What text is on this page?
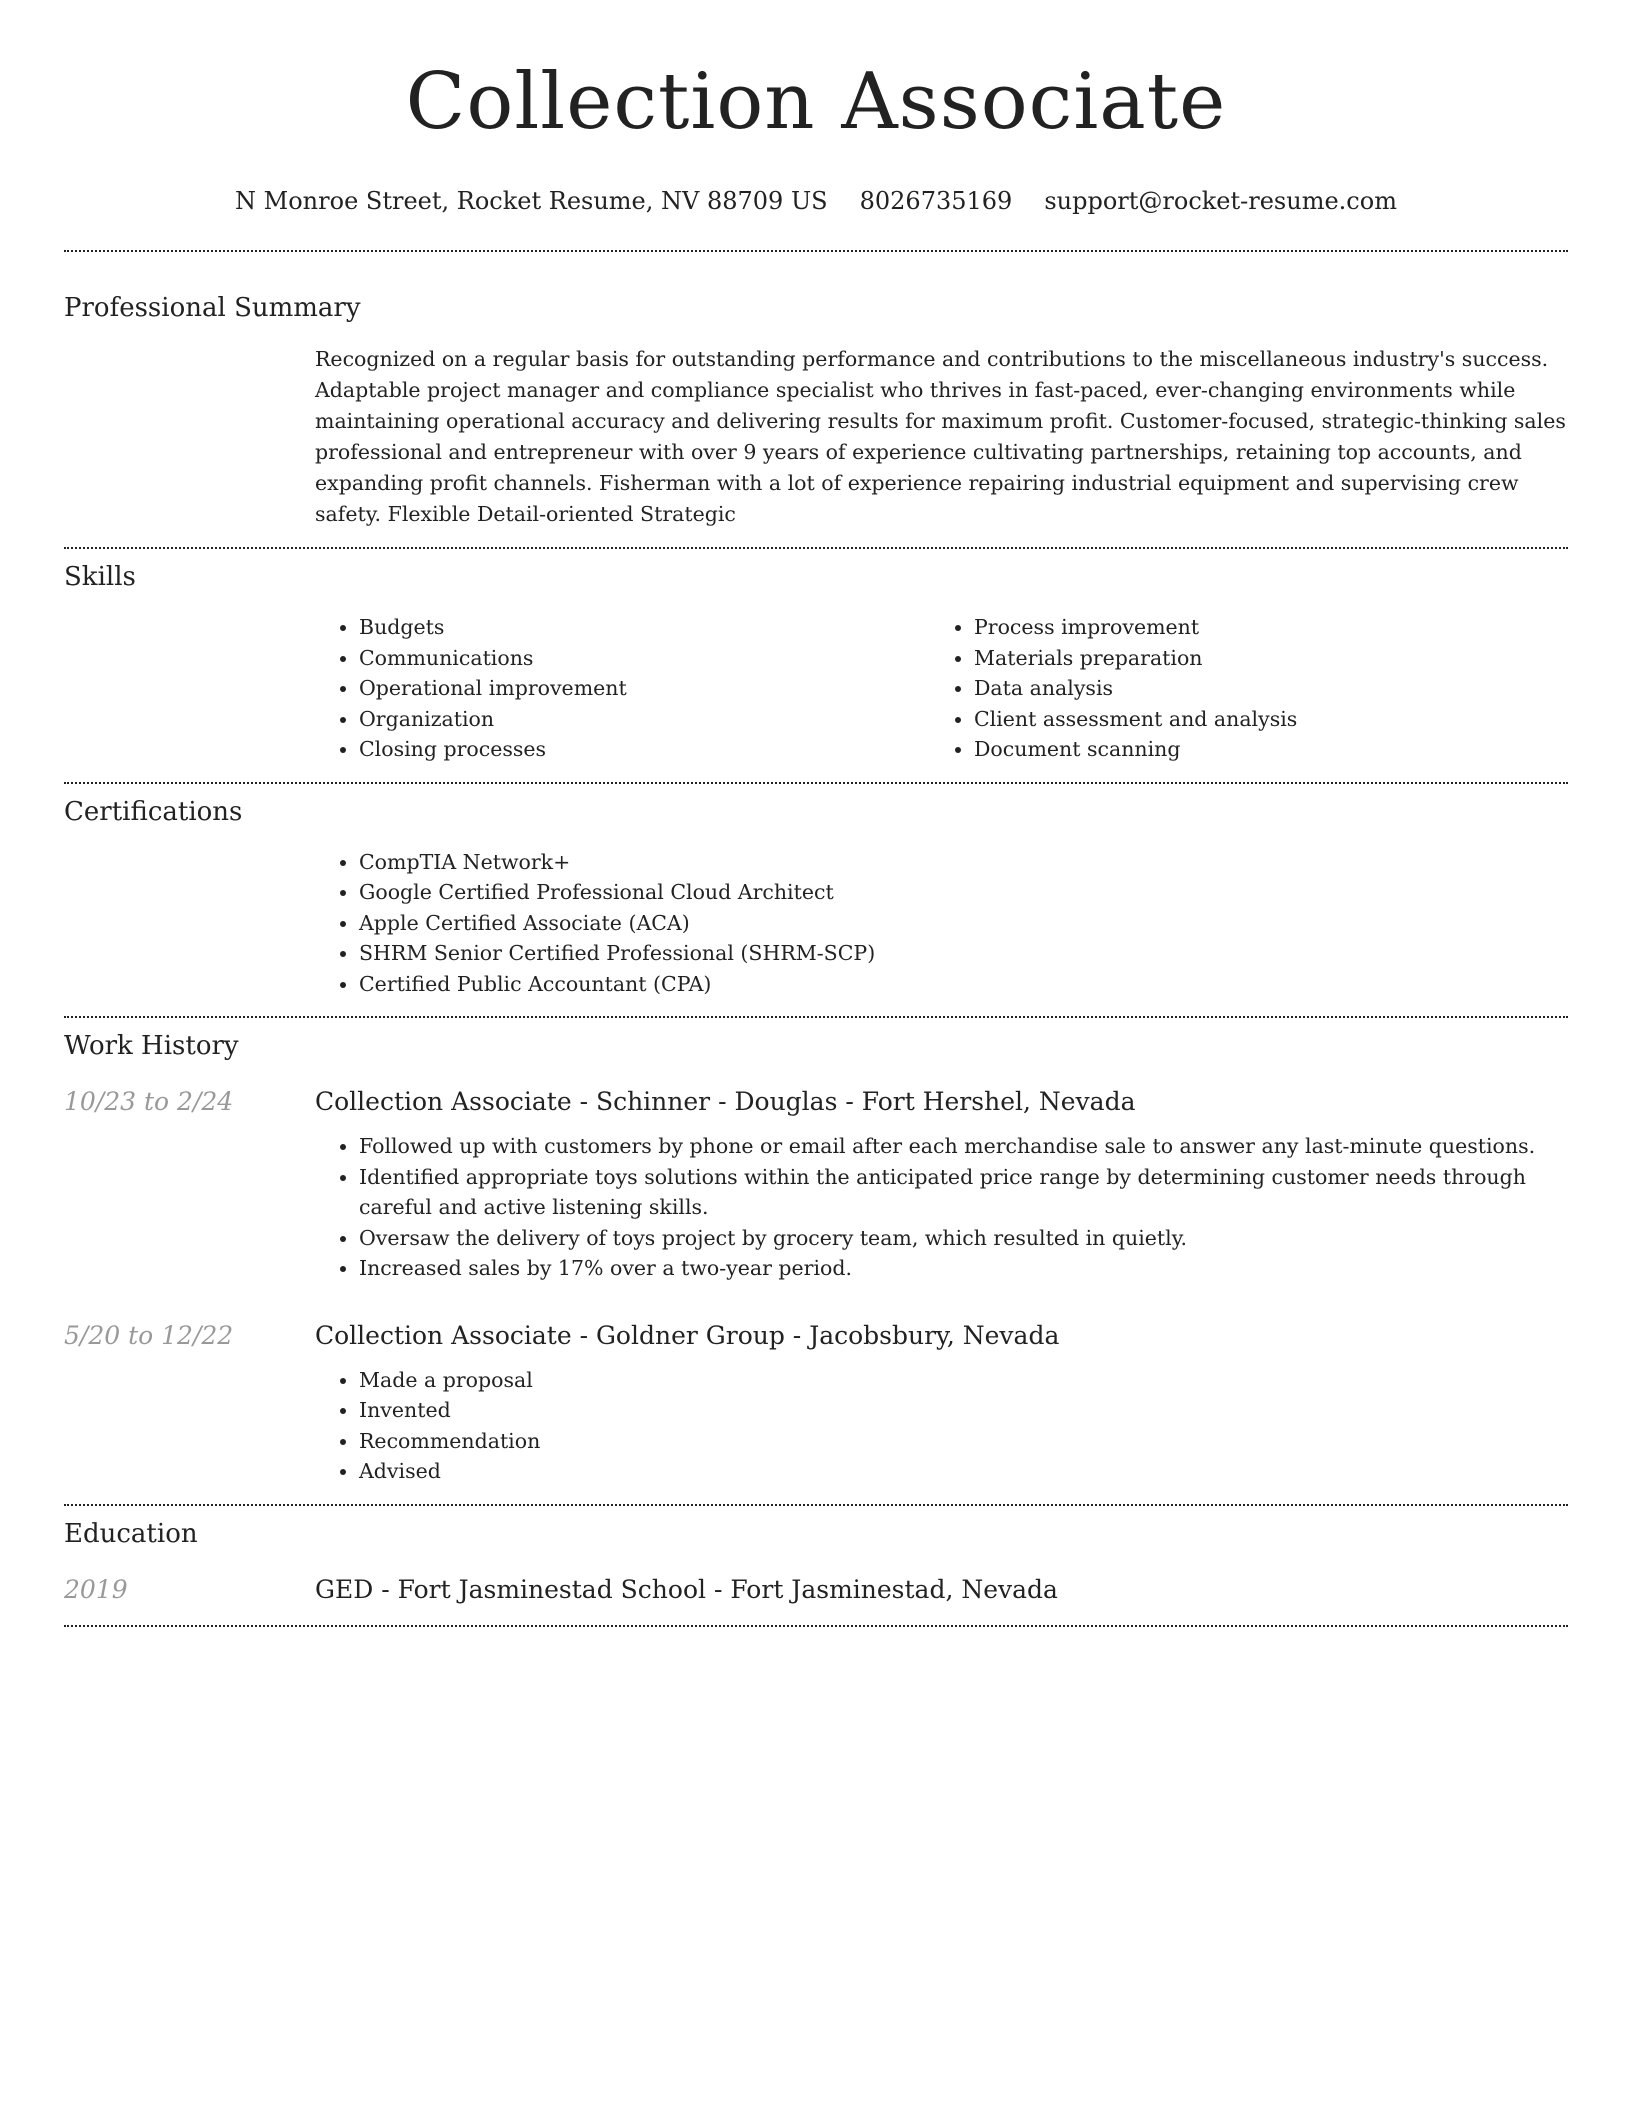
Collection Associate
N Monroe Street, Rocket Resume, NV 88709 US 8026735169 support@rocket-resume.com
Professional Summary

Recognized on a regular basis for outstanding performance and contributions to the miscellaneous industry's success. Adaptable project manager and compliance specialist who thrives in fast-paced, ever-changing environments while maintaining operational accuracy and delivering results for maximum profit. Customer-focused, strategic-thinking sales professional and entrepreneur with over 9 years of experience cultivating partnerships, retaining top accounts, and expanding profit channels. Fisherman with a lot of experience repairing industrial equipment and supervising crew safety. Flexible Detail-oriented Strategic

Skills
• Budgets
• Communications
• Operational improvement
• Organization
• Closing processes
• Process improvement
• Materials preparation
• Data analysis
• Client assessment and analysis
• Document scanning
Certifications
• CompTIA Network+
• Google Certified Professional Cloud Architect
• Apple Certified Associate (ACA)
• SHRM Senior Certified Professional (SHRM-SCP)
• Certified Public Accountant (CPA)
Work History
10/23 to 2/24	Collection Associate - Schinner - Douglas - Fort Hershel, Nevada
• Followed up with customers by phone or email after each merchandise sale to answer any last-minute questions.
• Identified appropriate toys solutions within the anticipated price range by determining customer needs through careful and active listening skills.
• Oversaw the delivery of toys project by grocery team, which resulted in quietly.
• Increased sales by 17% over a two-year period.
5/20 to 12/22	Collection Associate - Goldner Group - Jacobsbury, Nevada
• Made a proposal
• Invented
• Recommendation
• Advised
Education
2019	GED - Fort Jasminestad School - Fort Jasminestad, Nevada
